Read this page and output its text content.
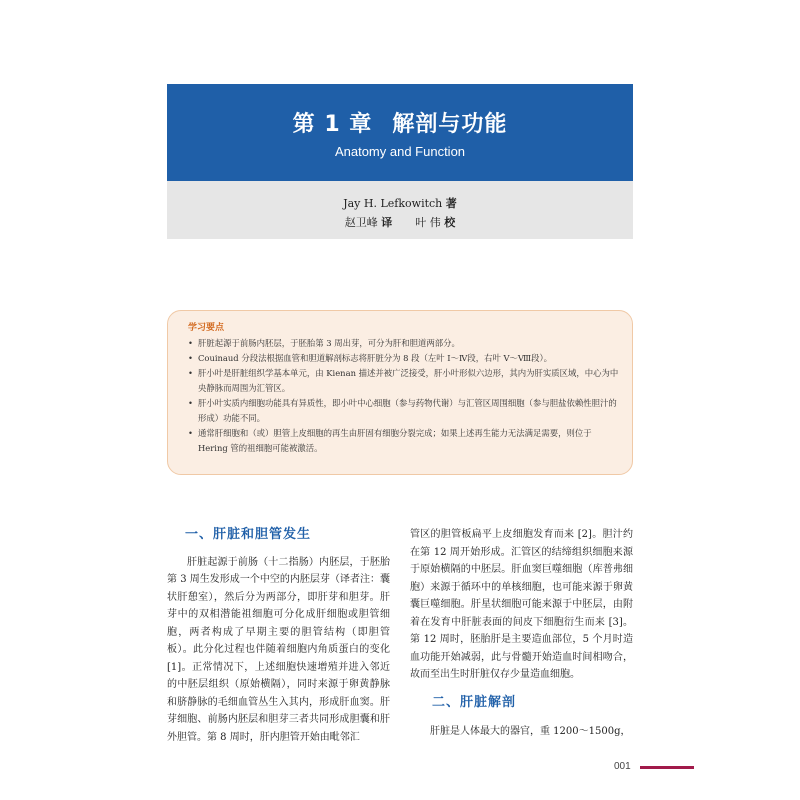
第 1 章 解剖与功能
Anatomy and Function
Jay H. Lefkowitch 著
赵卫峰 译 叶 伟 校
学习要点
• 肝脏起源于前肠内胚层，于胚胎第 3 周出芽，可分为肝和胆道两部分。
• Couinaud 分段法根据血管和胆道解剖标志将肝脏分为 8 段（左叶 Ⅰ～Ⅳ段，右叶 Ⅴ～Ⅷ段）。
• 肝小叶是肝脏组织学基本单元，由 Kienan 描述并被广泛接受，肝小叶形似六边形，其内为肝实质区域，中心为中央静脉而周围为汇管区。
• 肝小叶实质内细胞功能具有异质性，即小叶中心细胞（参与药物代谢）与汇管区周围细胞（参与胆盐依赖性胆汁的形成）功能不同。
• 通常肝细胞和（或）胆管上皮细胞的再生由肝固有细胞分裂完成；如果上述再生能力无法满足需要，则位于 Hering 管的祖细胞可能被激活。
一、肝脏和胆管发生

肝脏起源于前肠（十二指肠）内胚层，于胚胎第 3 周生发形成一个中空的内胚层芽（译者注：囊状肝憩室），然后分为两部分，即肝芽和胆芽。肝芽中的双相潜能祖细胞可分化成肝细胞或胆管细胞，两者构成了早期主要的胆管结构（即胆管板）。此分化过程也伴随着细胞内角质蛋白的变化 [1]。正常情况下，上述细胞快速增殖并进入邻近的中胚层组织（原始横隔），同时来源于卵黄静脉和脐静脉的毛细血管丛生入其内，形成肝血窦。肝芽细胞、前肠内胚层和胆芽三者共同形成胆囊和肝外胆管。第 8 周时，肝内胆管开始由毗邻汇

管区的胆管板扁平上皮细胞发育而来 [2]。胆汁约在第 12 周开始形成。汇管区的结缔组织细胞来源于原始横隔的中胚层。肝血窦巨噬细胞（库普弗细胞）来源于循环中的单核细胞，也可能来源于卵黄囊巨噬细胞。肝星状细胞可能来源于中胚层，由附着在发育中肝脏表面的间皮下细胞衍生而来 [3]。第 12 周时，胚胎肝是主要造血部位，5 个月时造血功能开始减弱，此与骨髓开始造血时间相吻合，故而至出生时肝脏仅存少量造血细胞。

二、肝脏解剖

肝脏是人体最大的器官，重 1200～1500g，

001
